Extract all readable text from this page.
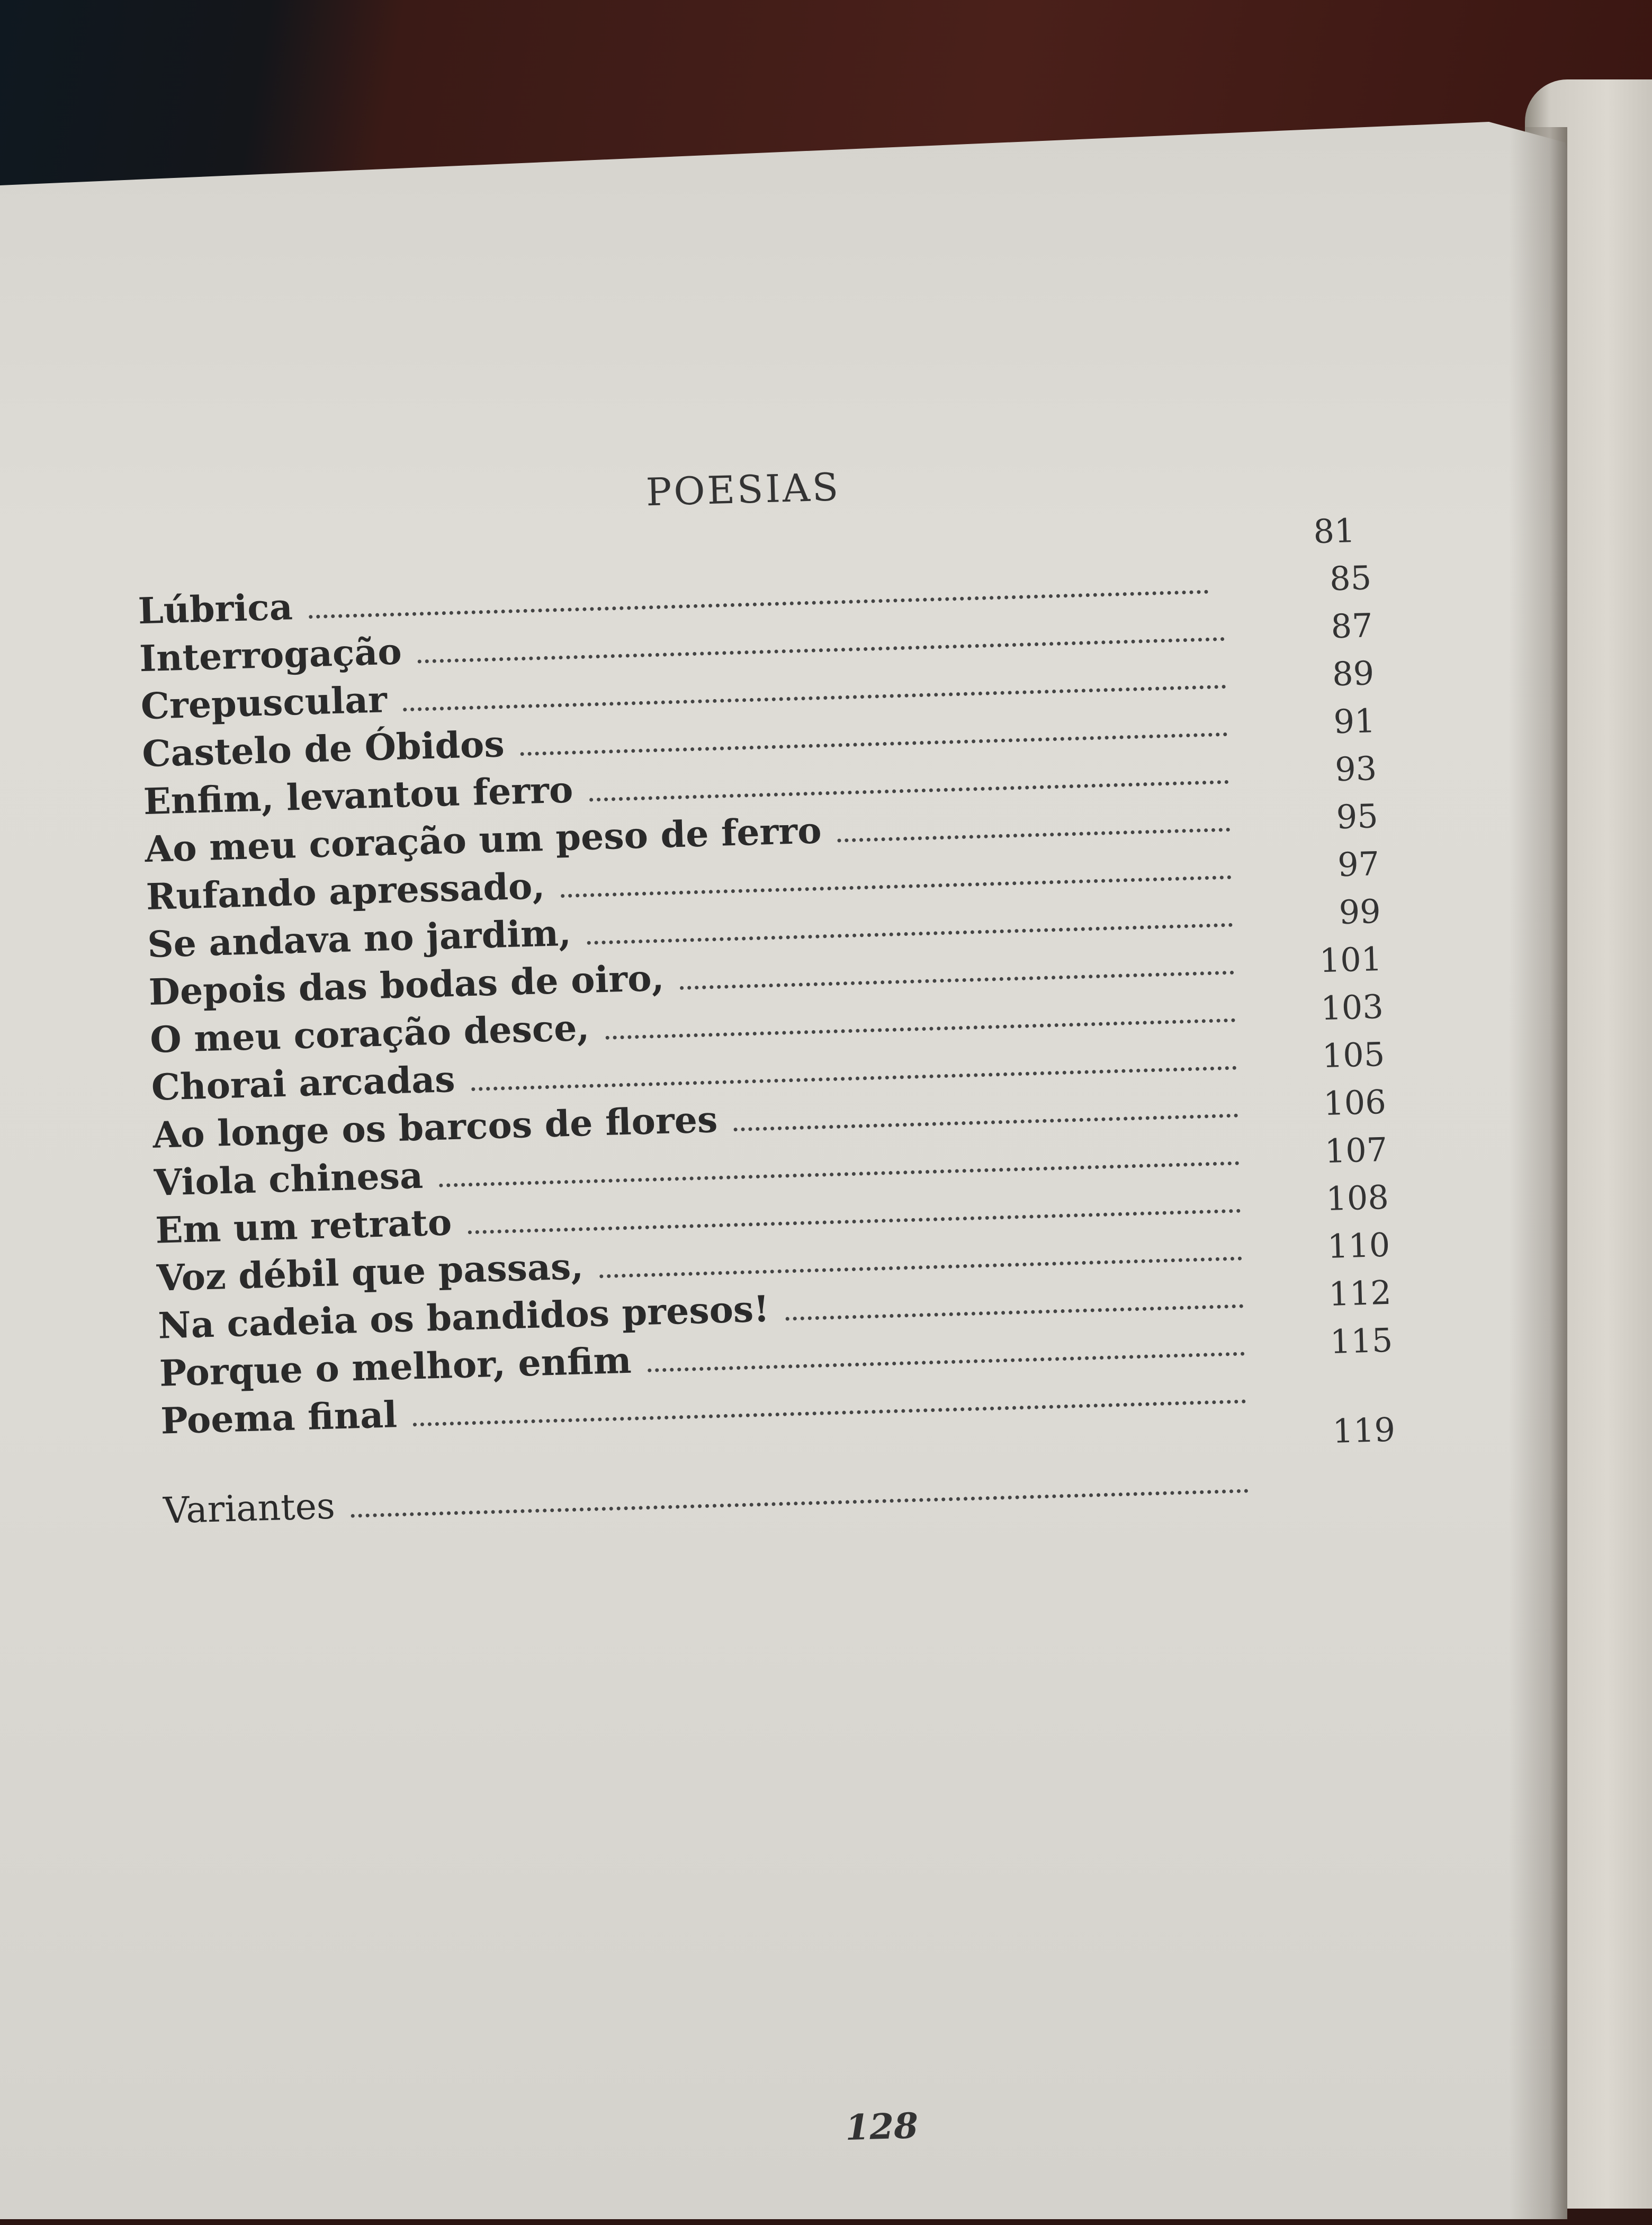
POESIAS
Lúbrica
81
Interrogação
85
Crepuscular
87
Castelo de Óbidos
89
Enfim, levantou ferro
91
Ao meu coração um peso de ferro
93
Rufando apressado,
95
Se andava no jardim,
97
Depois das bodas de oiro,
99
O meu coração desce,
101
Chorai arcadas
103
Ao longe os barcos de flores
105
Viola chinesa
106
Em um retrato
107
Voz débil que passas,
108
Na cadeia os bandidos presos!
110
Porque o melhor, enfim
112
Poema final
115
Variantes
119
128
